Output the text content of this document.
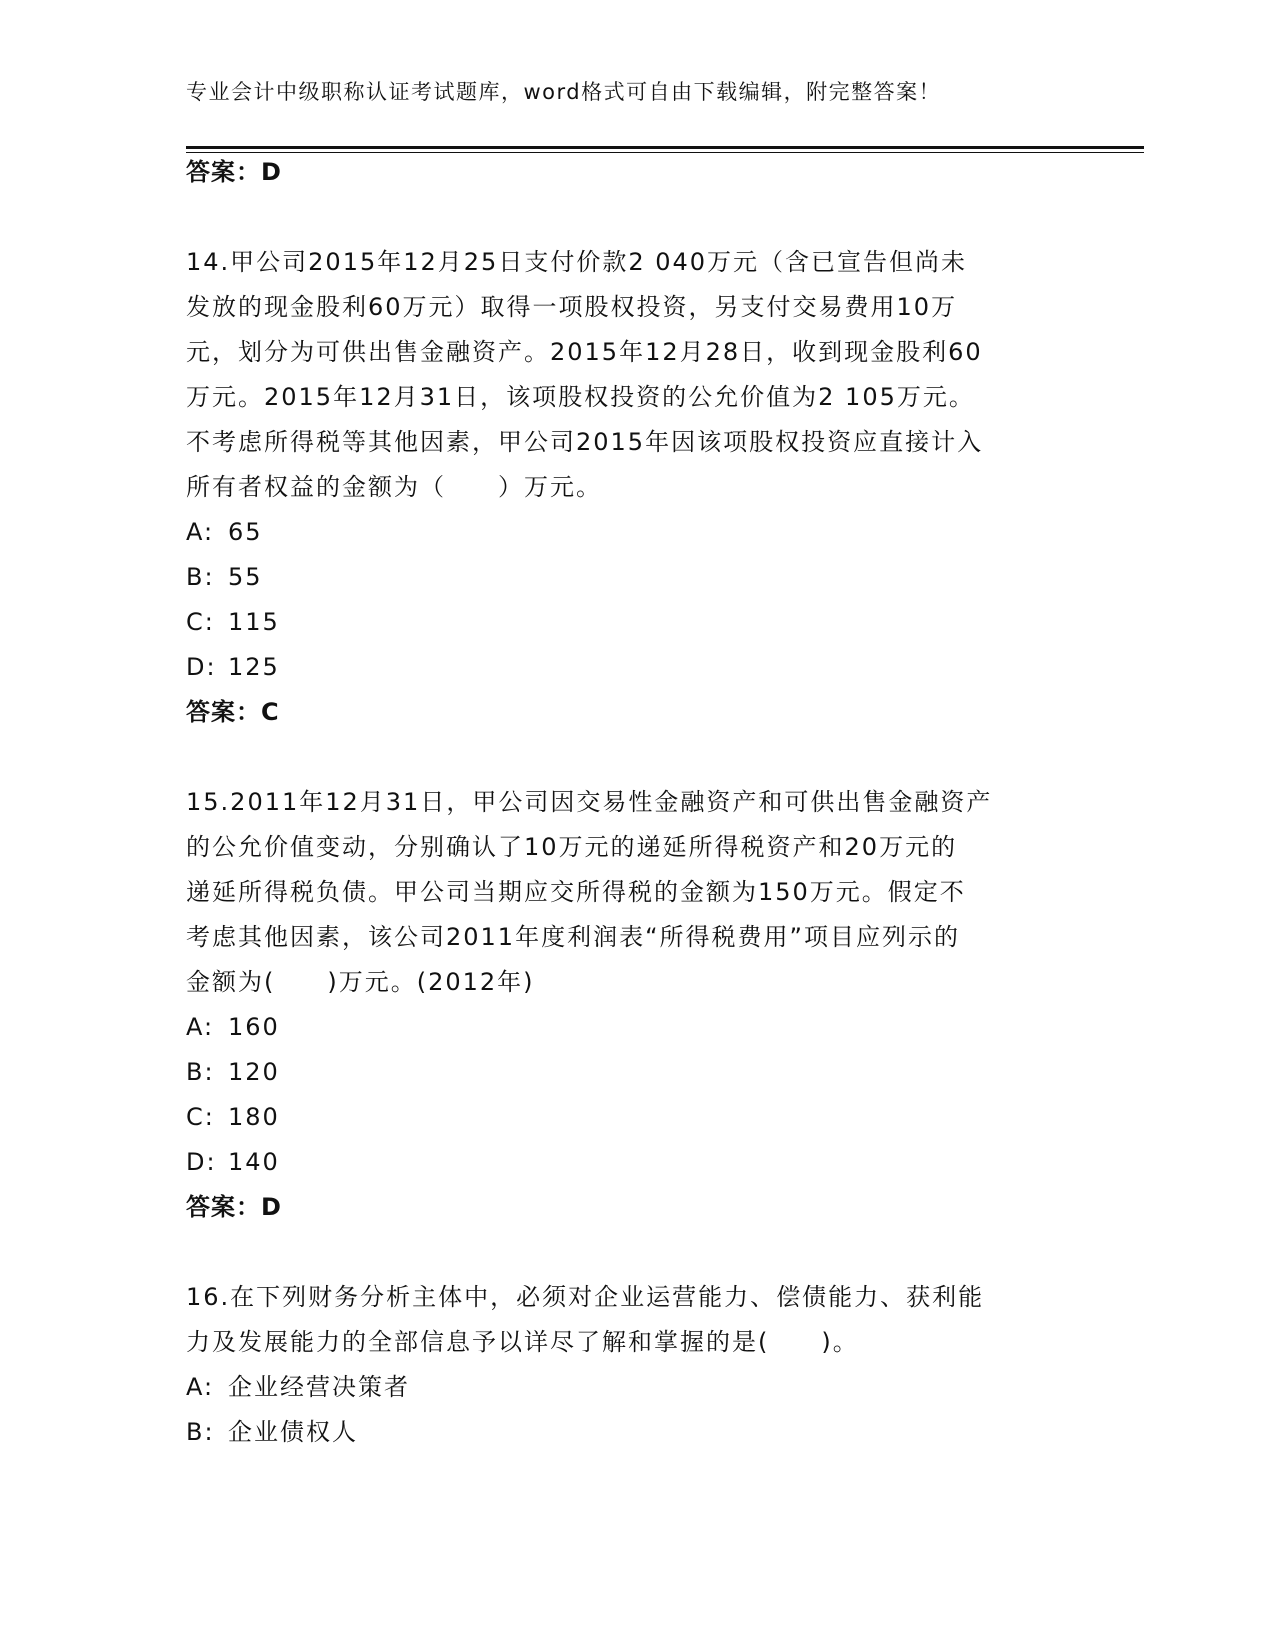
专业会计中级职称认证考试题库，word格式可自由下载编辑，附完整答案！
答案：D
14.甲公司2015年12月25日支付价款2 040万元（含已宣告但尚未
发放的现金股利60万元）取得一项股权投资，另支付交易费用10万
元，划分为可供出售金融资产。2015年12月28日，收到现金股利60
万元。2015年12月31日，该项股权投资的公允价值为2 105万元。
不考虑所得税等其他因素，甲公司2015年因该项股权投资应直接计入
所有者权益的金额为（　　）万元。
A: 65
B: 55
C: 115
D: 125
答案：C
15.2011年12月31日，甲公司因交易性金融资产和可供出售金融资产
的公允价值变动，分别确认了10万元的递延所得税资产和20万元的
递延所得税负债。甲公司当期应交所得税的金额为150万元。假定不
考虑其他因素，该公司2011年度利润表“所得税费用”项目应列示的
金额为(　　)万元。(2012年)
A: 160
B: 120
C: 180
D: 140
答案：D
16.在下列财务分析主体中，必须对企业运营能力、偿债能力、获利能
力及发展能力的全部信息予以详尽了解和掌握的是(　　)。
A: 企业经营决策者
B: 企业债权人
